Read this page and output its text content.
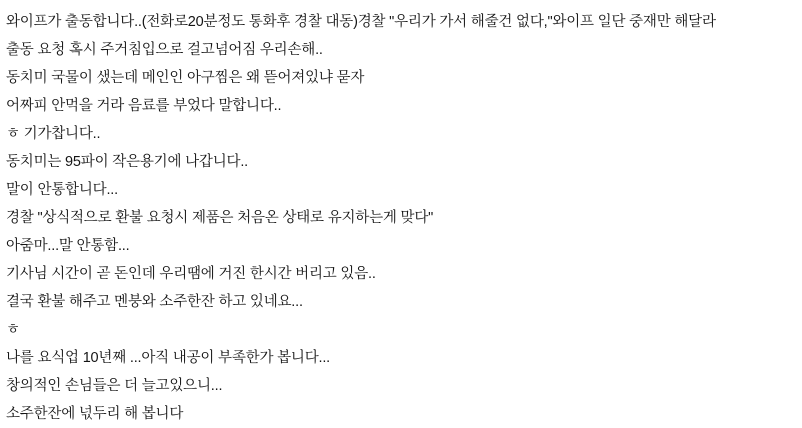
와이프가 출동합니다..(전화로20분정도 통화후 경찰 대동)경찰 "우리가 가서 해줄건 없다,"와이프 일단 중재만 해달라
출동 요청 혹시 주거침입으로 걸고넘어짐 우리손해..
동치미 국물이 샜는데 메인인 아구찜은 왜 뜯어져있냐 묻자
어짜피 안먹을 거라 음료를 부었다 말합니다..
ㅎ 기가찹니다..
동치미는 95파이 작은용기에 나갑니다..
말이 안통합니다...
경찰 "상식적으로 환불 요청시 제품은 처음온 상태로 유지하는게 맞다"
아줌마...말 안통함...
기사님 시간이 곧 돈인데 우리땜에 거진 한시간 버리고 있음..
결국 환불 해주고 멘붕와 소주한잔 하고 있네요...
ㅎ
나를 요식업 10년째 ...아직 내공이 부족한가 봅니다...
창의적인 손님들은 더 늘고있으니...
소주한잔에 넋두리 해 봅니다
